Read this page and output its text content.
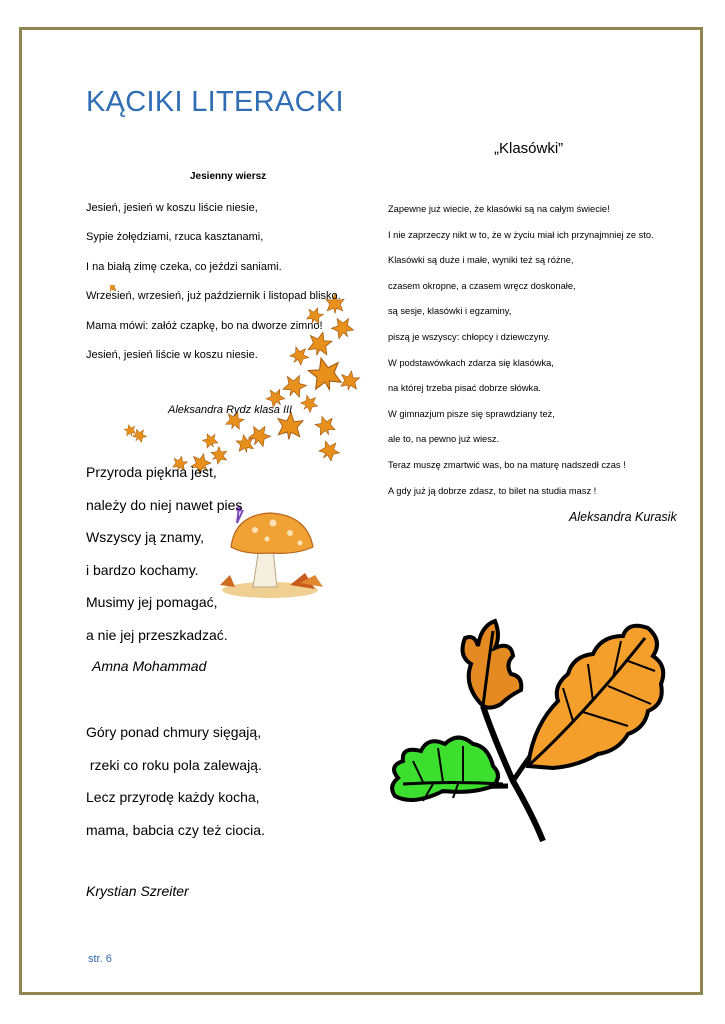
KĄCIKI LITERACKI
Jesienny wiersz
Jesień, jesień w koszu liście niesie,
Sypie żołędziami, rzuca kasztanami,
I na białą zimę czeka, co jeździ saniami.
Wrzesień, wrzesień, już październik i listopad blisko.
Mama mówi: załóż czapkę, bo na dworze zimno!
Jesień, jesień liście w koszu niesie.
Aleksandra Rydz klasa III
Przyroda piękna jest,
należy do niej nawet pies
Wszyscy ją znamy,
i bardzo kochamy.
Musimy jej pomagać,
a nie jej przeszkadzać.
Amna Mohammad
Góry ponad chmury sięgają,
rzeki co roku pola zalewają.
Lecz przyrodę każdy kocha,
mama, babcia czy też ciocia.
Krystian Szreiter
„Klasówki”
Zapewne już wiecie, że klasówki są na całym świecie!
I nie zaprzeczy nikt w to, że w życiu miał ich przynajmniej ze sto.
Klasówki są duże i małe, wyniki też są różne,
czasem okropne, a czasem wręcz doskonałe,
są sesje, klasówki i egzaminy,
piszą je wszyscy: chłopcy i dziewczyny.
W podstawówkach zdarza się klasówka,
na której trzeba pisać dobrze słówka.
W gimnazjum pisze się sprawdziany też,
ale to, na pewno już wiesz.
Teraz muszę zmartwić was, bo na maturę nadszedł czas !
A gdy już ją dobrze zdasz, to bilet na studia masz !
Aleksandra Kurasik
str. 6
